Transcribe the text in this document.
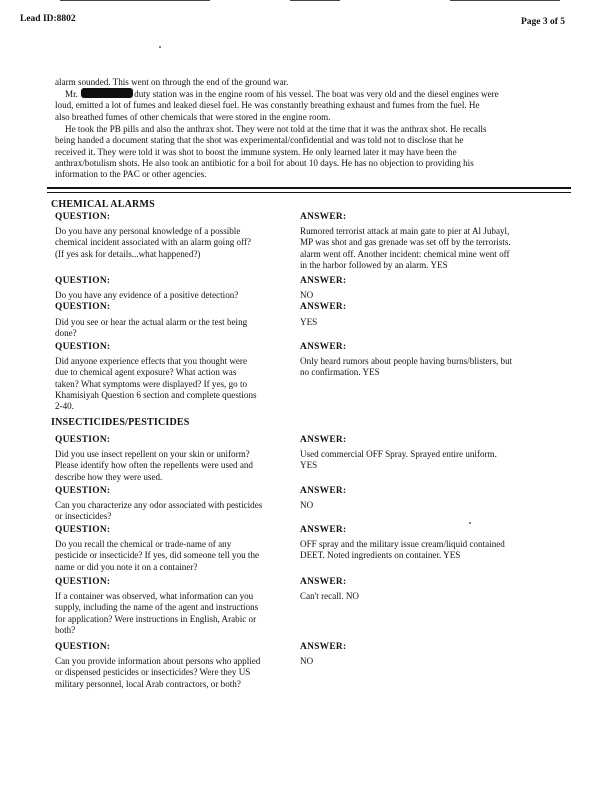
Lead ID:8802	Page 3 of 5
alarm sounded. This went on through the end of the ground war.
Mr.	duty station was in the engine room of his vessel. The boat was very old and the diesel engines were
loud, emitted a lot of fumes and leaked diesel fuel. He was constantly breathing exhaust and fumes from the fuel. He
also breathed fumes of other chemicals that were stored in the engine room.
He took the PB pills and also the anthrax shot. They were not told at the time that it was the anthrax shot. He recalls
being handed a document stating that the shot was experimental/confidential and was told not to disclose that he
received it. They were told it was shot to boost the immune system. He only learned later it may have been the
anthrax/botulism shots. He also took an antibiotic for a boil for about 10 days. He has no objection to providing his
information to the PAC or other agencies.
CHEMICAL ALARMS
QUESTION:	ANSWER:
Do you have any personal knowledge of a possible
chemical incident associated with an alarm going off?
(If yes ask for details...what happened?)
Rumored terrorist attack at main gate to pier at Al Jubayl,
MP was shot and gas grenade was set off by the terrorists.
alarm went off. Another incident: chemical mine went off
in the harbor followed by an alarm. YES
QUESTION:	ANSWER:
Do you have any evidence of a positive detection?	NO
QUESTION:	ANSWER:
Did you see or hear the actual alarm or the test being
done?
YES
QUESTION:	ANSWER:
Did anyone experience effects that you thought were
due to chemical agent exposure? What action was
taken? What symptoms were displayed? If yes, go to
Khamisiyah Question 6 section and complete questions
2-40.
Only heard rumors about people having burns/blisters, but
no confirmation. YES
INSECTICIDES/PESTICIDES
QUESTION:	ANSWER:
Did you use insect repellent on your skin or uniform?
Please identify how often the repellents were used and
describe how they were used.
Used commercial OFF Spray. Sprayed entire uniform.
YES
QUESTION:	ANSWER:
Can you characterize any odor associated with pesticides
or insecticides?
NO
QUESTION:	ANSWER:
Do you recall the chemical or trade-name of any
pesticide or insecticide? If yes, did someone tell you the
name or did you note it on a container?
OFF spray and the military issue cream/liquid contained
DEET. Noted ingredients on container. YES
QUESTION:	ANSWER:
If a container was observed, what information can you
supply, including the name of the agent and instructions
for application? Were instructions in English, Arabic or
both?
Can't recall. NO
QUESTION:	ANSWER:
Can you provide information about persons who applied
or dispensed pesticides or insecticides? Were they US
military personnel, local Arab contractors, or both?
NO
